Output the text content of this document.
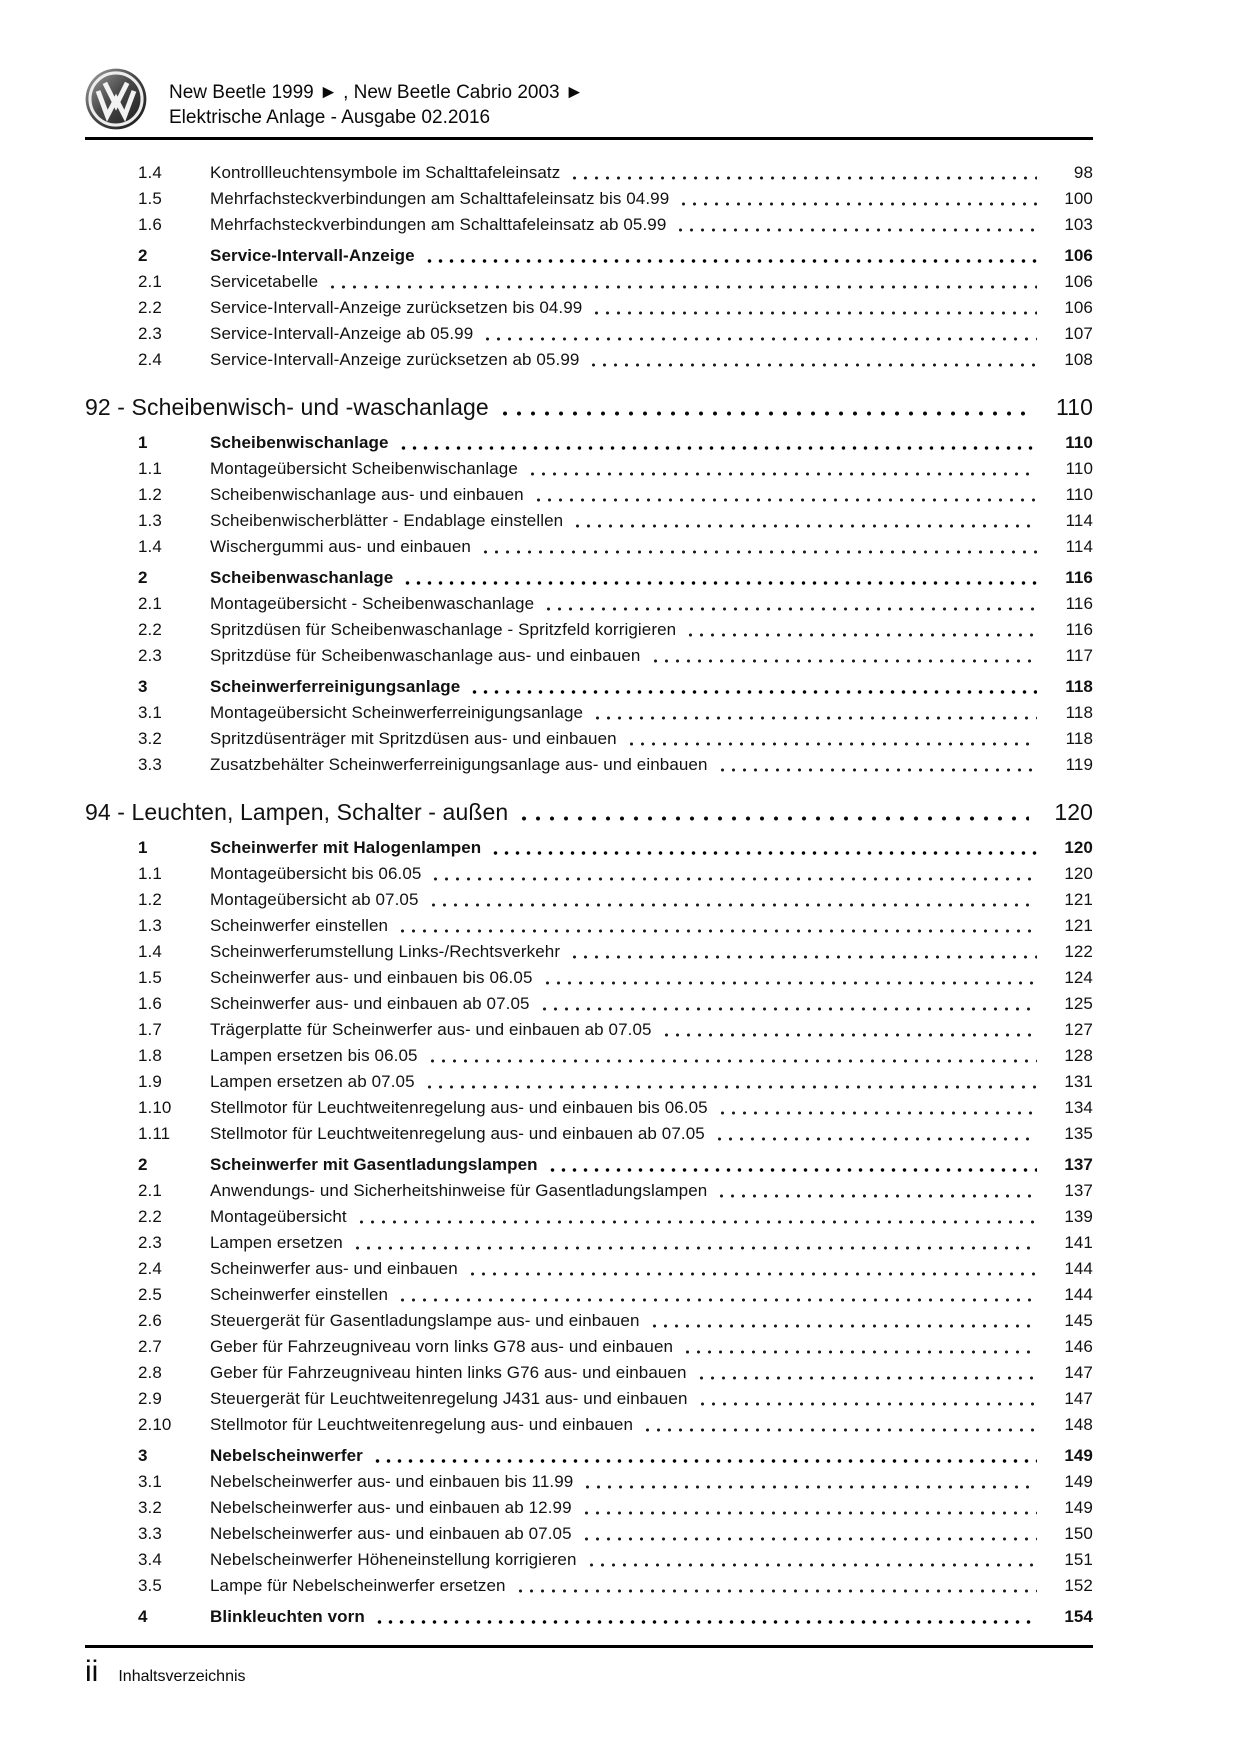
New Beetle 1999 ► , New Beetle Cabrio 2003 ►
Elektrische Anlage - Ausgabe 02.2016
1.4	Kontrollleuchtensymbole im Schalttafeleinsatz	98
1.5	Mehrfachsteckverbindungen am Schalttafeleinsatz bis 04.99	100
1.6	Mehrfachsteckverbindungen am Schalttafeleinsatz ab 05.99	103
2	Service-Intervall-Anzeige	106
2.1	Servicetabelle	106
2.2	Service-Intervall-Anzeige zurücksetzen bis 04.99	106
2.3	Service-Intervall-Anzeige ab 05.99	107
2.4	Service-Intervall-Anzeige zurücksetzen ab 05.99	108
92 - Scheibenwisch- und -waschanlage	110
1	Scheibenwischanlage	110
1.1	Montageübersicht Scheibenwischanlage	110
1.2	Scheibenwischanlage aus- und einbauen	110
1.3	Scheibenwischerblätter - Endablage einstellen	114
1.4	Wischergummi aus- und einbauen	114
2	Scheibenwaschanlage	116
2.1	Montageübersicht - Scheibenwaschanlage	116
2.2	Spritzdüsen für Scheibenwaschanlage - Spritzfeld korrigieren	116
2.3	Spritzdüse für Scheibenwaschanlage aus- und einbauen	117
3	Scheinwerferreinigungsanlage	118
3.1	Montageübersicht Scheinwerferreinigungsanlage	118
3.2	Spritzdüsenträger mit Spritzdüsen aus- und einbauen	118
3.3	Zusatzbehälter Scheinwerferreinigungsanlage aus- und einbauen	119
94 - Leuchten, Lampen, Schalter - außen	120
1	Scheinwerfer mit Halogenlampen	120
1.1	Montageübersicht bis 06.05	120
1.2	Montageübersicht ab 07.05	121
1.3	Scheinwerfer einstellen	121
1.4	Scheinwerferumstellung Links-/Rechtsverkehr	122
1.5	Scheinwerfer aus- und einbauen bis 06.05	124
1.6	Scheinwerfer aus- und einbauen ab 07.05	125
1.7	Trägerplatte für Scheinwerfer aus- und einbauen ab 07.05	127
1.8	Lampen ersetzen bis 06.05	128
1.9	Lampen ersetzen ab 07.05	131
1.10	Stellmotor für Leuchtweitenregelung aus- und einbauen bis 06.05	134
1.11	Stellmotor für Leuchtweitenregelung aus- und einbauen ab 07.05	135
2	Scheinwerfer mit Gasentladungslampen	137
2.1	Anwendungs- und Sicherheitshinweise für Gasentladungslampen	137
2.2	Montageübersicht	139
2.3	Lampen ersetzen	141
2.4	Scheinwerfer aus- und einbauen	144
2.5	Scheinwerfer einstellen	144
2.6	Steuergerät für Gasentladungslampe aus- und einbauen	145
2.7	Geber für Fahrzeugniveau vorn links G78 aus- und einbauen	146
2.8	Geber für Fahrzeugniveau hinten links G76 aus- und einbauen	147
2.9	Steuergerät für Leuchtweitenregelung J431 aus- und einbauen	147
2.10	Stellmotor für Leuchtweitenregelung aus- und einbauen	148
3	Nebelscheinwerfer	149
3.1	Nebelscheinwerfer aus- und einbauen bis 11.99	149
3.2	Nebelscheinwerfer aus- und einbauen ab 12.99	149
3.3	Nebelscheinwerfer aus- und einbauen ab 07.05	150
3.4	Nebelscheinwerfer Höheneinstellung korrigieren	151
3.5	Lampe für Nebelscheinwerfer ersetzen	152
4	Blinkleuchten vorn	154
ii Inhaltsverzeichnis
